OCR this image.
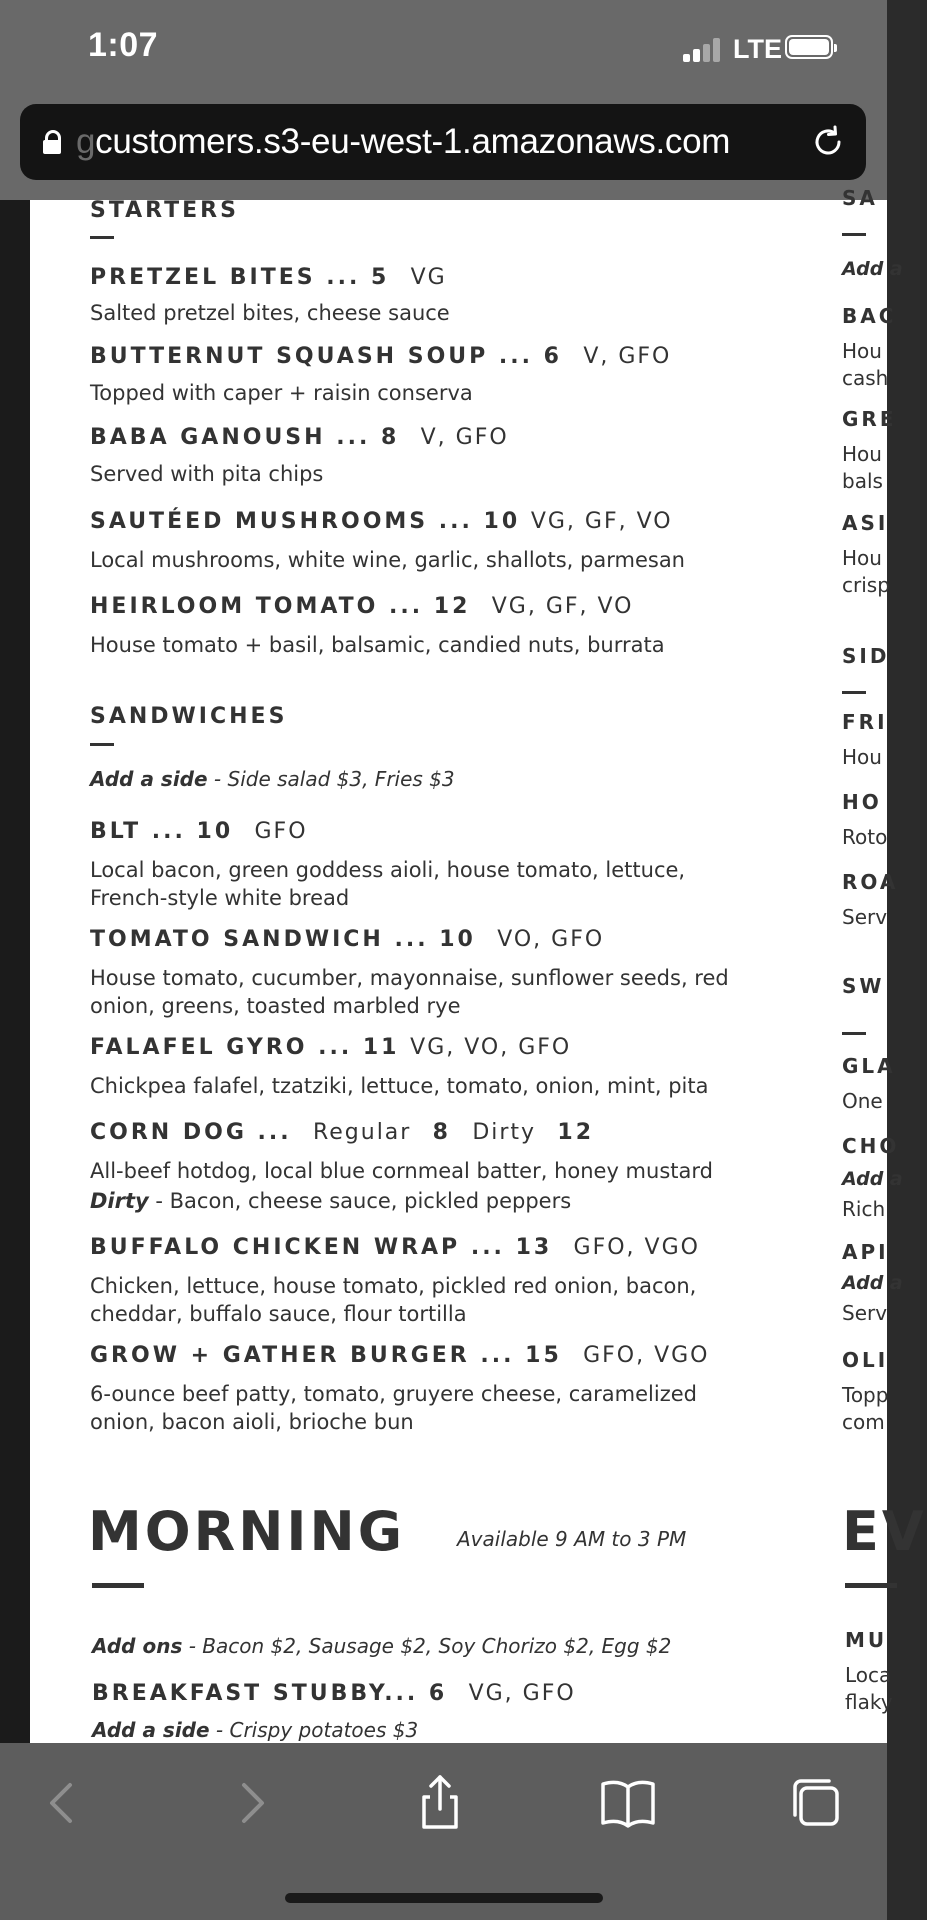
1:07	LTE
gcustomers.s3-eu-west-1.amazonaws.com
STARTERS
PRETZEL BITES ... 5 VG
Salted pretzel bites, cheese sauce
BUTTERNUT SQUASH SOUP ... 6 V, GFO
Topped with caper + raisin conserva
BABA GANOUSH ... 8 V, GFO
Served with pita chips
SAUTÉED MUSHROOMS ... 10 VG, GF, VO
Local mushrooms, white wine, garlic, shallots, parmesan
HEIRLOOM TOMATO ... 12 VG, GF, VO
House tomato + basil, balsamic, candied nuts, burrata
SANDWICHES
Add a side - Side salad $3, Fries $3
BLT ... 10 GFO
Local bacon, green goddess aioli, house tomato, lettuce,
French-style white bread
TOMATO SANDWICH ... 10 VO, GFO
House tomato, cucumber, mayonnaise, sunflower seeds, red
onion, greens, toasted marbled rye
FALAFEL GYRO ... 11 VG, VO, GFO
Chickpea falafel, tzatziki, lettuce, tomato, onion, mint, pita
CORN DOG ... Regular 8 Dirty 12
All-beef hotdog, local blue cornmeal batter, honey mustard
Dirty - Bacon, cheese sauce, pickled peppers
BUFFALO CHICKEN WRAP ... 13 GFO, VGO
Chicken, lettuce, house tomato, pickled red onion, bacon,
cheddar, buffalo sauce, flour tortilla
GROW + GATHER BURGER ... 15 GFO, VGO
6-ounce beef patty, tomato, gruyere cheese, caramelized
onion, bacon aioli, brioche bun
MORNING	Available 9 AM to 3 PM
Add ons - Bacon $2, Sausage $2, Soy Chorizo $2, Egg $2
BREAKFAST STUBBY... 6 VG, GFO
Add a side - Crispy potatoes $3
SA
Add a
BAC
Hou
cash
GRE
Hou
bals
ASI
Hou
crisp
SID
FRI
Hou
HO
Roto
ROA
Serv
SW
GLA
One
CHO
Add a
Rich
API
Add a
Serv
OLI
Topp
com
EV
MU
Loca
flaky
